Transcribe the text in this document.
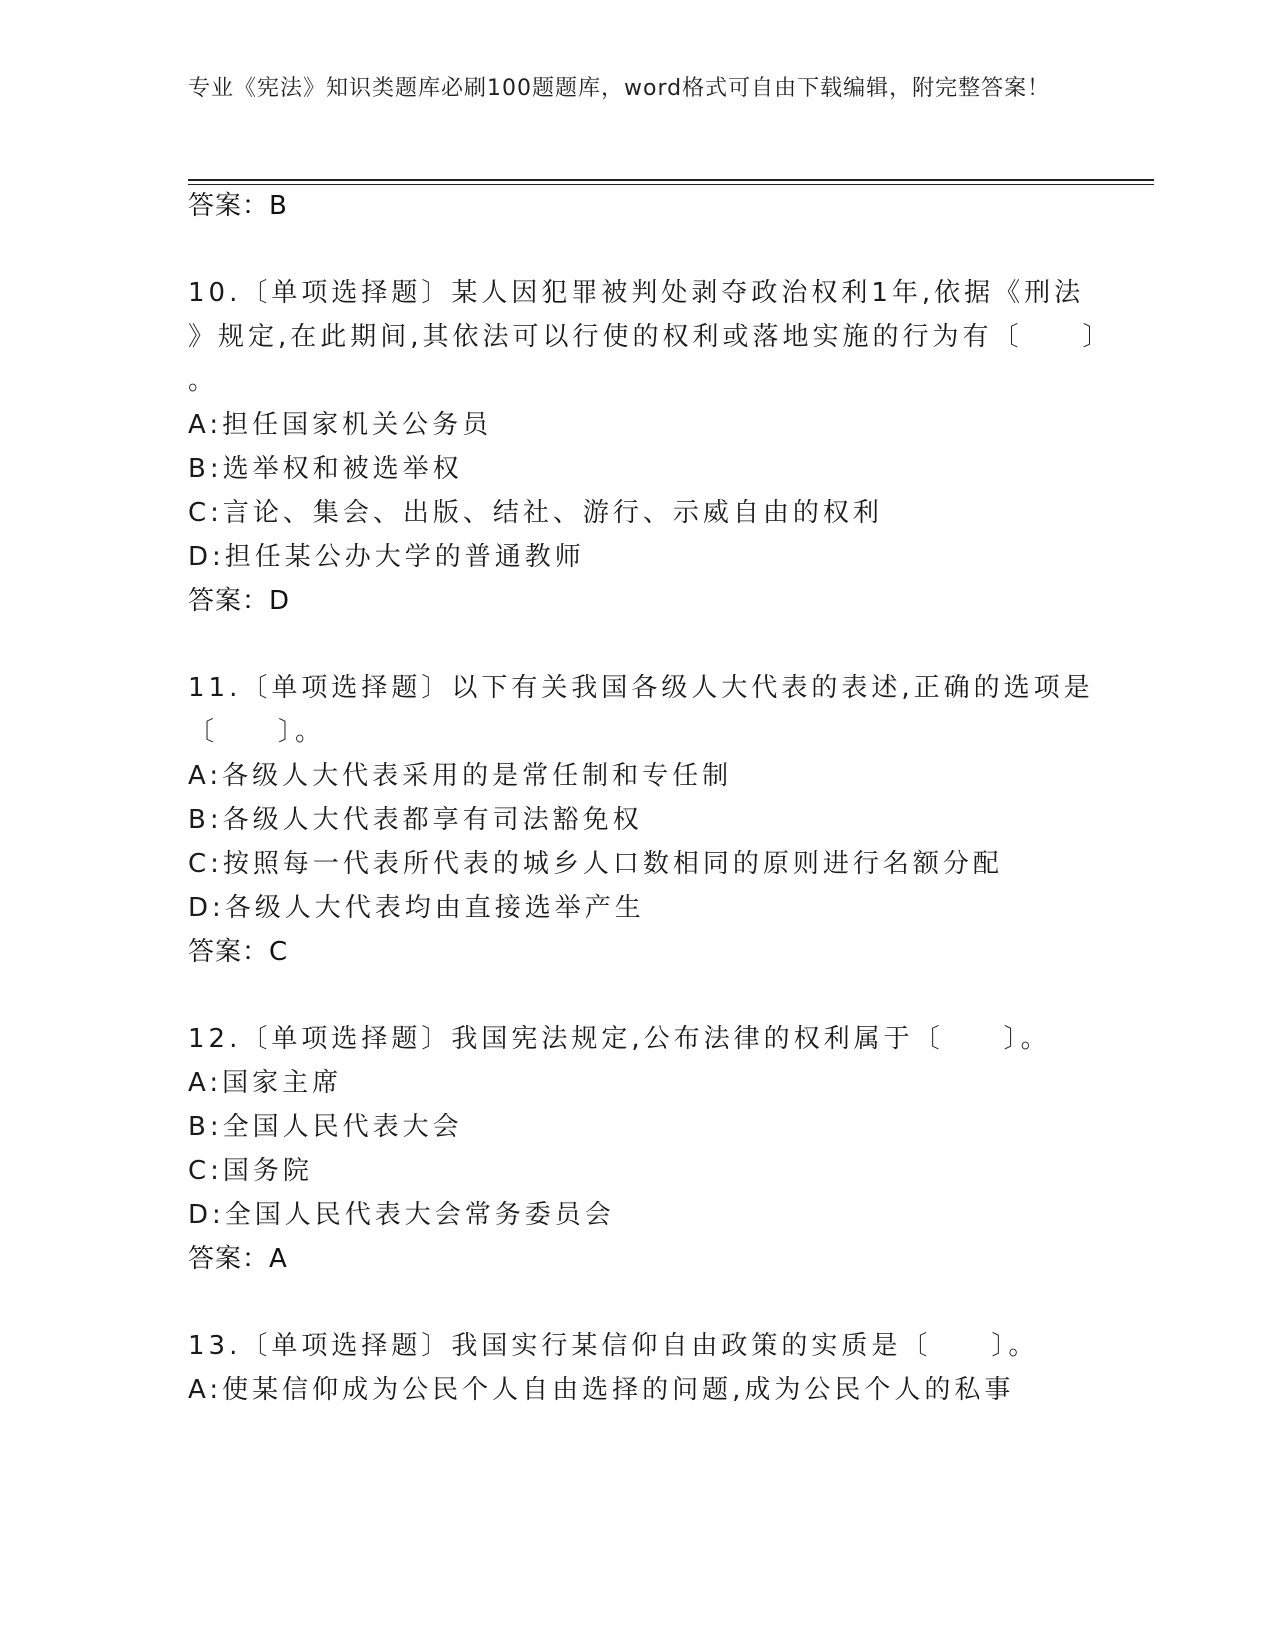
专业《宪法》知识类题库必刷100题题库，word格式可自由下载编辑，附完整答案！
答案：B
10.〔单项选择题〕某人因犯罪被判处剥夺政治权利1年,依据《刑法
》规定,在此期间,其依法可以行使的权利或落地实施的行为有〔　　〕
。
A:担任国家机关公务员
B:选举权和被选举权
C:言论、集会、出版、结社、游行、示威自由的权利
D:担任某公办大学的普通教师
答案：D
11.〔单项选择题〕以下有关我国各级人大代表的表述,正确的选项是
〔　　〕。
A:各级人大代表采用的是常任制和专任制
B:各级人大代表都享有司法豁免权
C:按照每一代表所代表的城乡人口数相同的原则进行名额分配
D:各级人大代表均由直接选举产生
答案：C
12.〔单项选择题〕我国宪法规定,公布法律的权利属于〔　　〕。
A:国家主席
B:全国人民代表大会
C:国务院
D:全国人民代表大会常务委员会
答案：A
13.〔单项选择题〕我国实行某信仰自由政策的实质是〔　　〕。
A:使某信仰成为公民个人自由选择的问题,成为公民个人的私事
